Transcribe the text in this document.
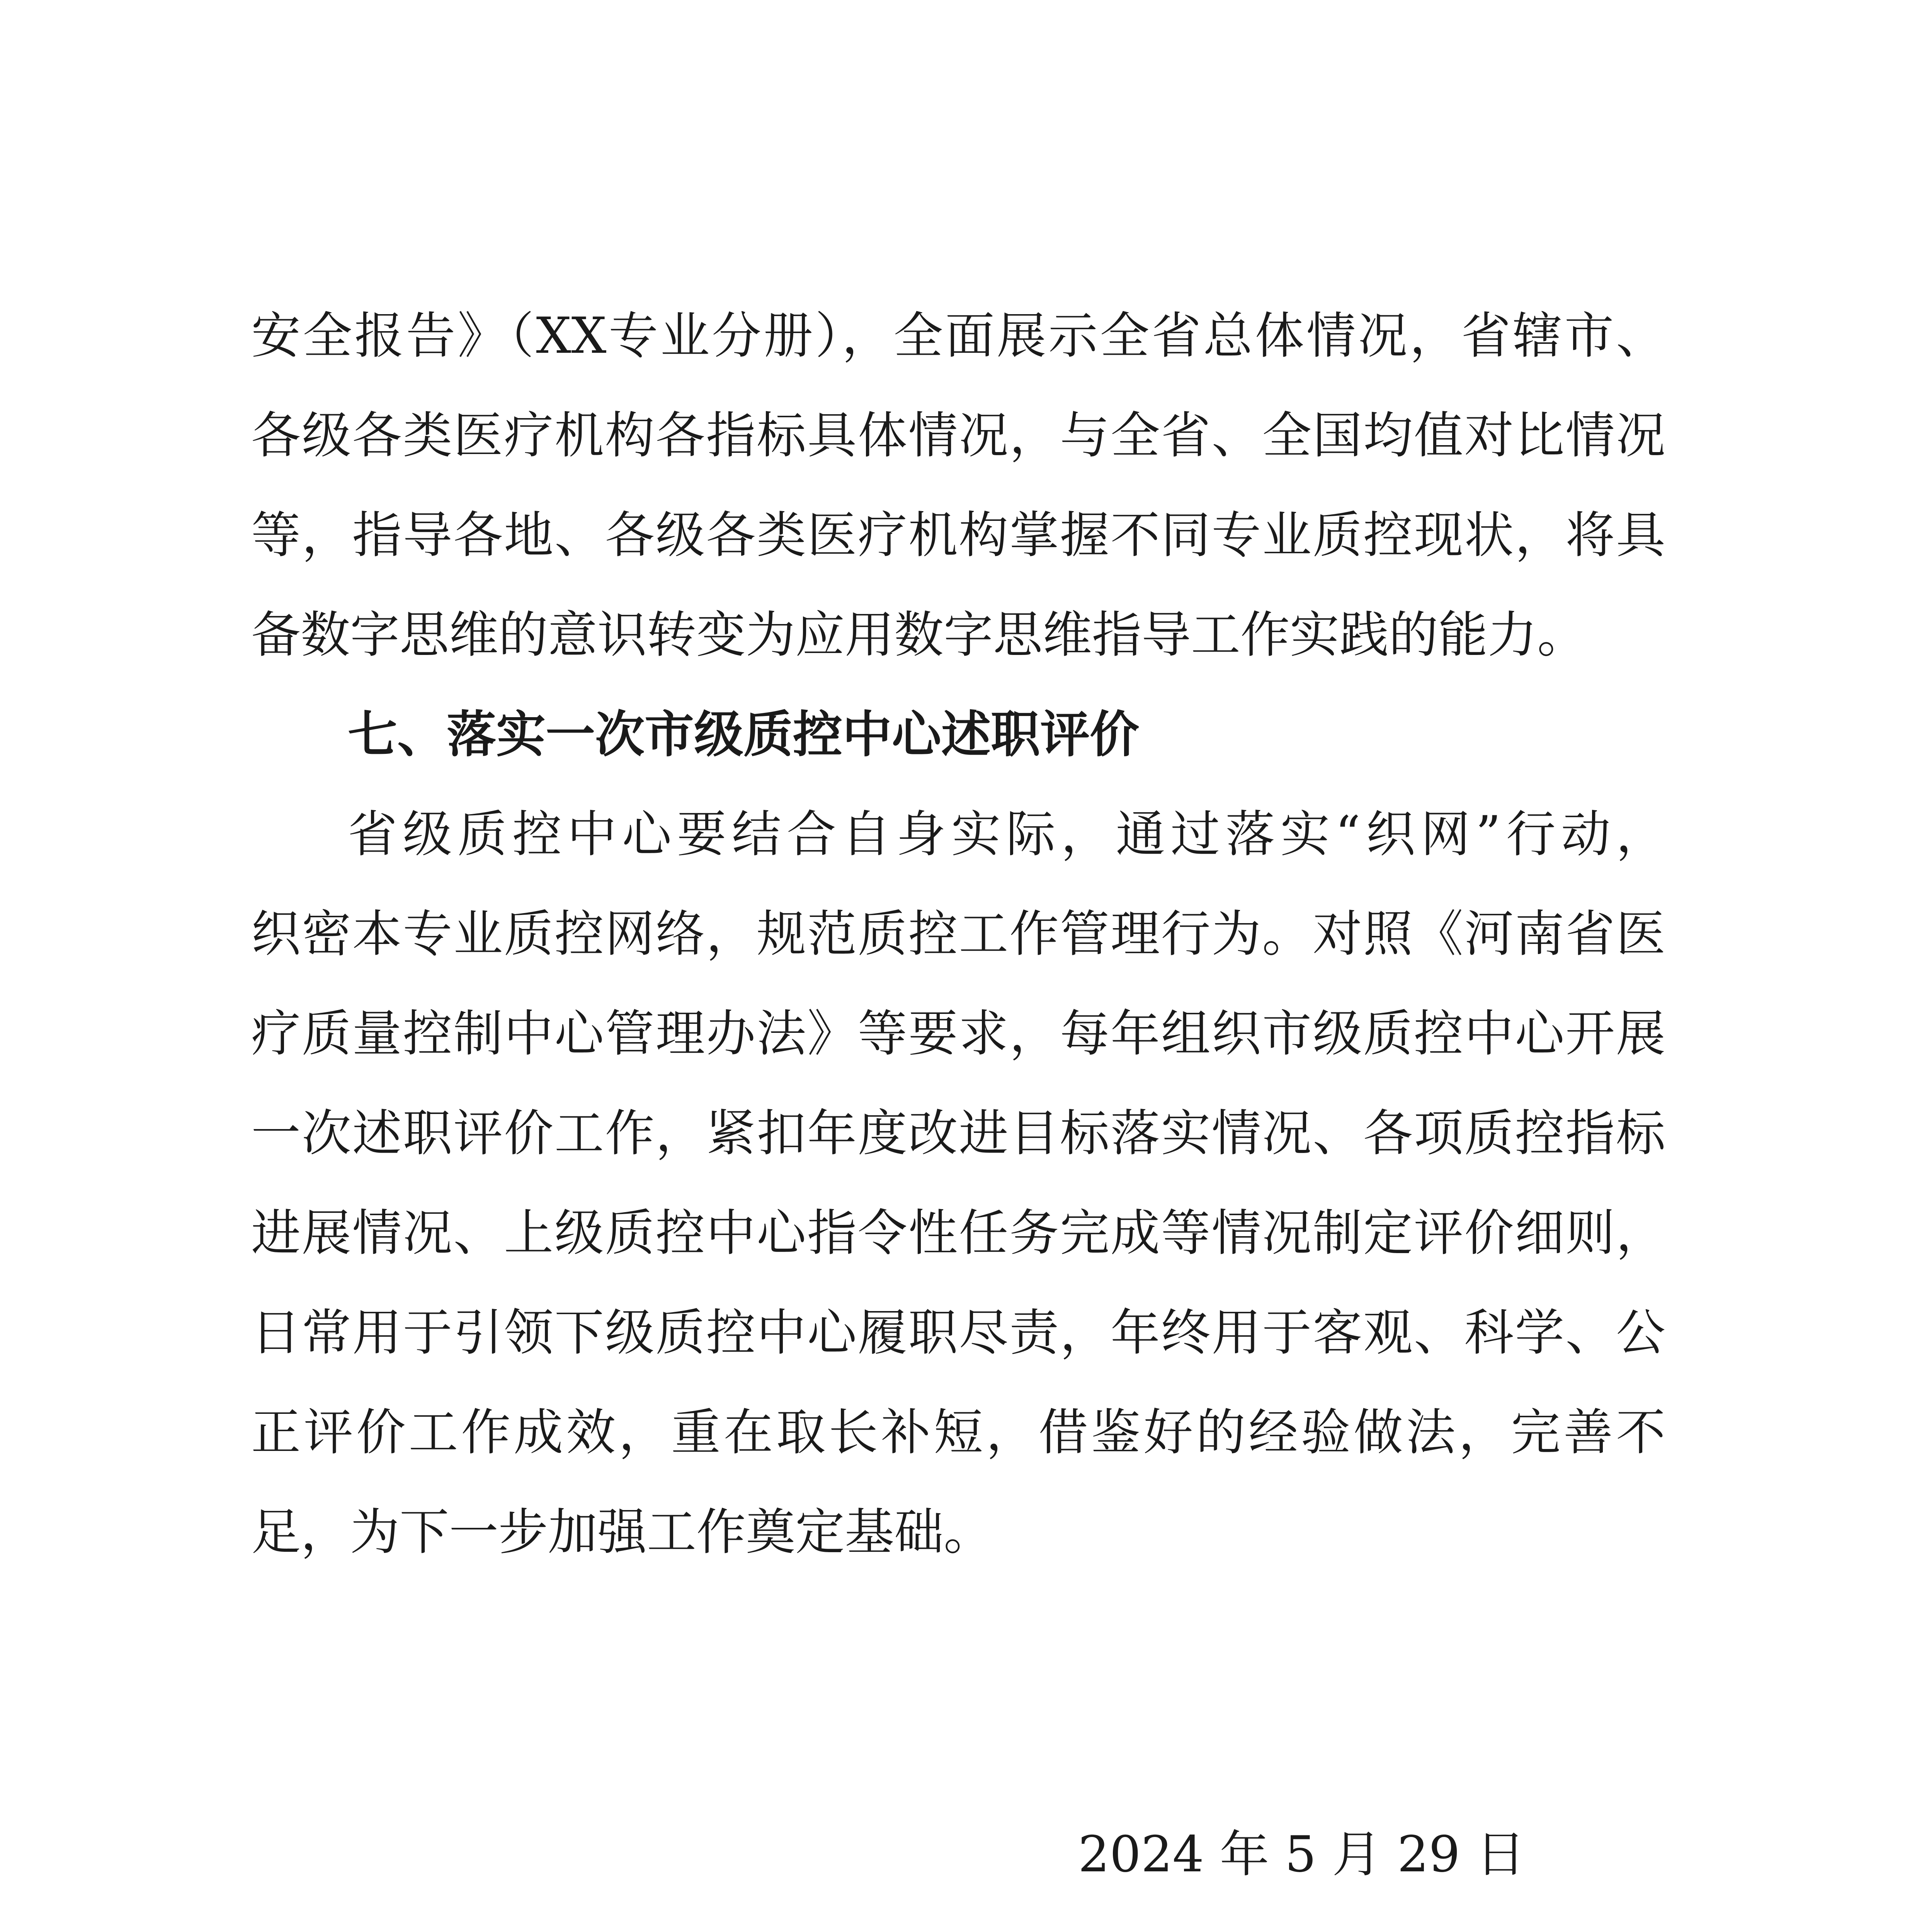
安全报告》（XX专业分册），全面展示全省总体情况，省辖市、
各级各类医疗机构各指标具体情况，与全省、全国均值对比情况
等，指导各地、各级各类医疗机构掌握不同专业质控现状，将具
备数字思维的意识转变为应用数字思维指导工作实践的能力。
七、落实一次市级质控中心述职评价
省级质控中心要结合自身实际，通过落实“织网”行动，
织密本专业质控网络，规范质控工作管理行为。对照《河南省医
疗质量控制中心管理办法》等要求，每年组织市级质控中心开展
一次述职评价工作，紧扣年度改进目标落实情况、各项质控指标
进展情况、上级质控中心指令性任务完成等情况制定评价细则，
日常用于引领下级质控中心履职尽责，年终用于客观、科学、公
正评价工作成效，重在取长补短，借鉴好的经验做法，完善不
足，为下一步加强工作奠定基础。
2024 年 5 月 29 日
